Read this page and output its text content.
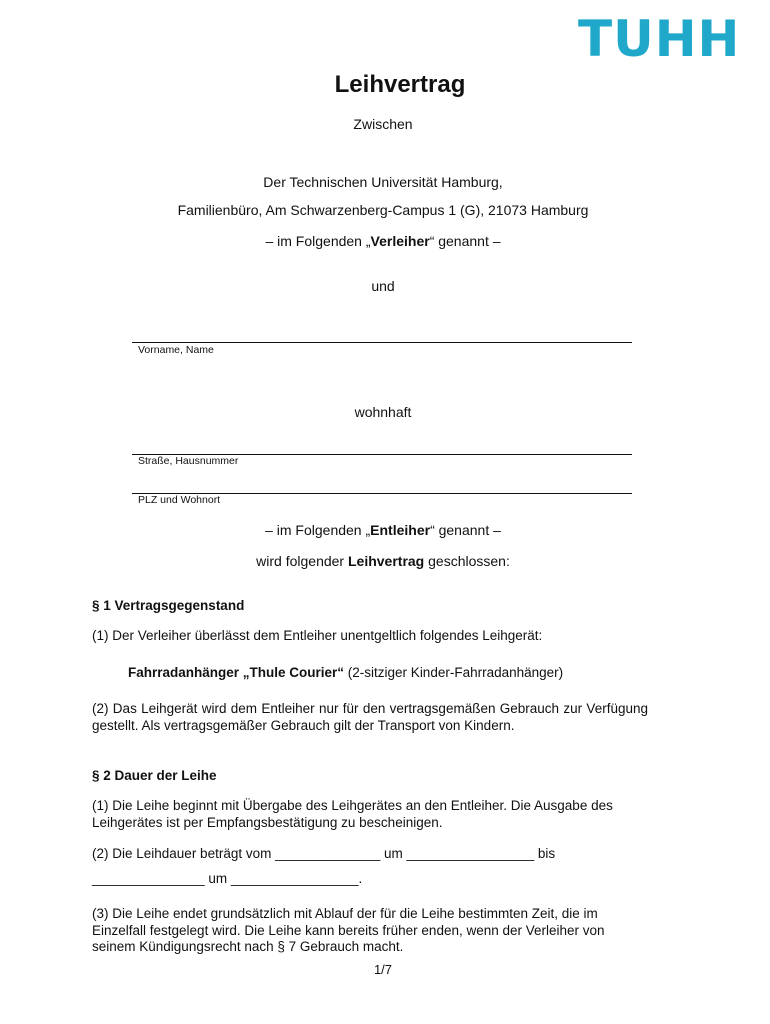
TUHH
Leihvertrag
Zwischen
Der Technischen Universität Hamburg,
Familienbüro, Am Schwarzenberg-Campus 1 (G), 21073 Hamburg
– im Folgenden „Verleiher“ genannt –
und
Vorname, Name
wohnhaft
Straße, Hausnummer
PLZ und Wohnort
– im Folgenden „Entleiher“ genannt –
wird folgender Leihvertrag geschlossen:
§ 1 Vertragsgegenstand
(1) Der Verleiher überlässt dem Entleiher unentgeltlich folgendes Leihgerät:
Fahrradanhänger „Thule Courier“ (2-sitziger Kinder-Fahrradanhänger)
(2) Das Leihgerät wird dem Entleiher nur für den vertragsgemäßen Gebrauch zur Verfügung gestellt. Als vertragsgemäßer Gebrauch gilt der Transport von Kindern.
§ 2 Dauer der Leihe
(1) Die Leihe beginnt mit Übergabe des Leihgerätes an den Entleiher. Die Ausgabe des Leihgerätes ist per Empfangsbestätigung zu bescheinigen.
(2) Die Leihdauer beträgt vom ______________ um _________________ bis
_______________ um _________________.
(3) Die Leihe endet grundsätzlich mit Ablauf der für die Leihe bestimmten Zeit, die im Einzelfall festgelegt wird. Die Leihe kann bereits früher enden, wenn der Verleiher von seinem Kündigungsrecht nach § 7 Gebrauch macht.
1/7
